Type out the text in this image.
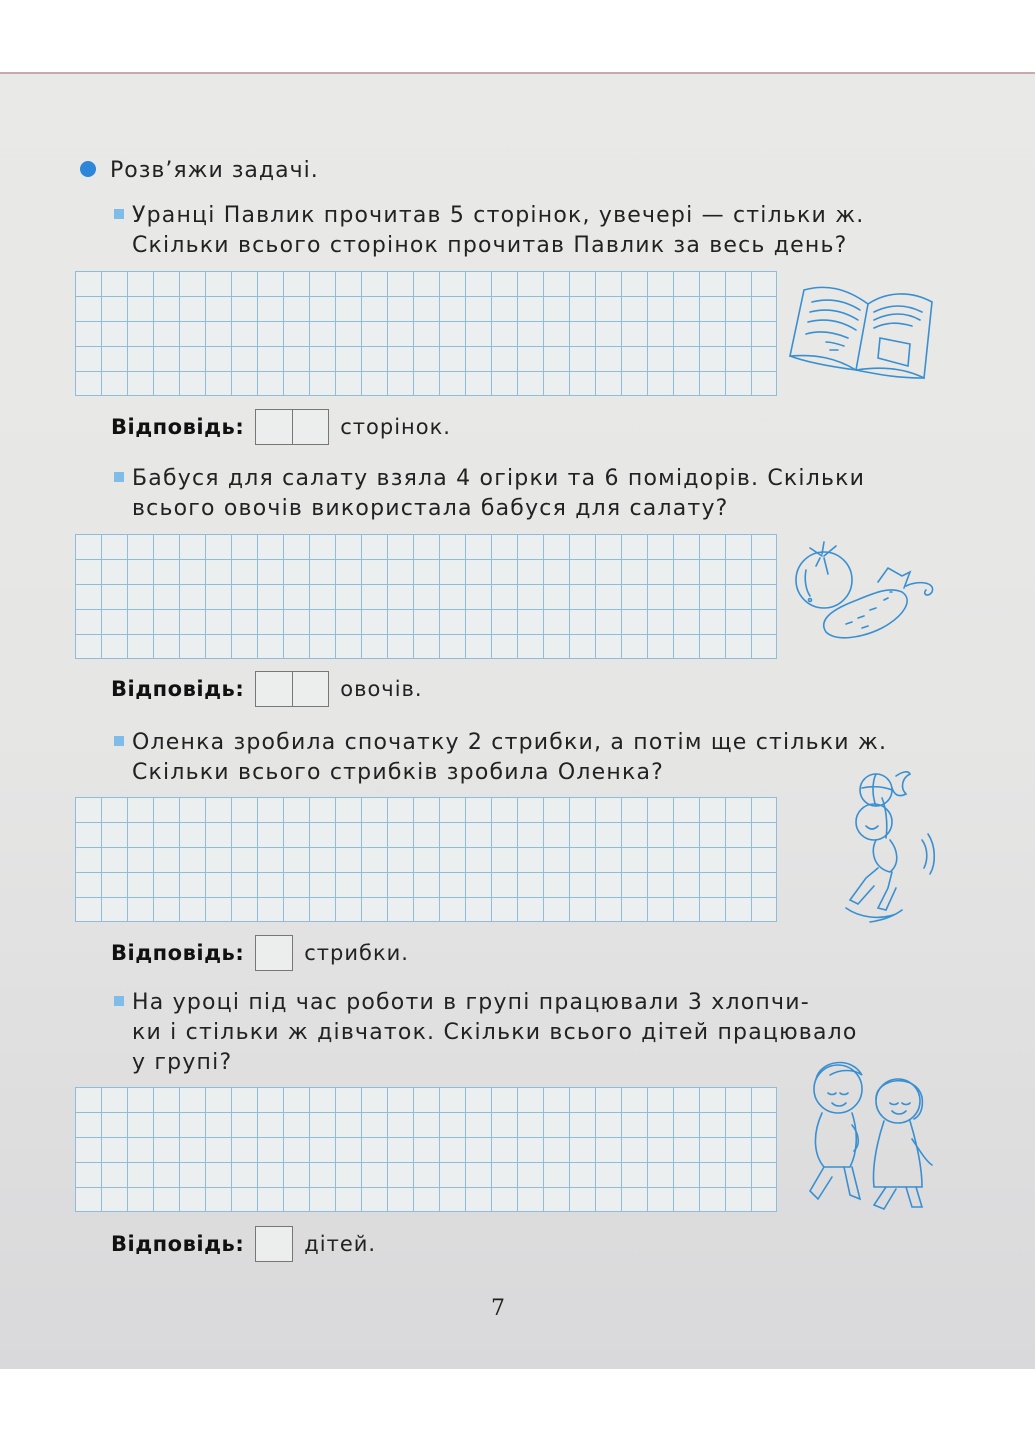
Розв’яжи задачі.
Уранці Павлик прочитав 5 сторінок, увечері — стільки ж.
Скільки всього сторінок прочитав Павлик за весь день?
Відповідь:	сторінок.
Бабуся для салату взяла 4 огірки та 6 помідорів. Скільки
всього овочів використала бабуся для салату?
Відповідь:	овочів.
Оленка зробила спочатку 2 стрибки, а потім ще стільки ж.
Скільки всього стрибків зробила Оленка?
Відповідь:	стрибки.
На уроці під час роботи в групі працювали 3 хлопчи-
ки і стільки ж дівчаток. Скільки всього дітей працювало
у групі?
Відповідь:	дітей.
7
